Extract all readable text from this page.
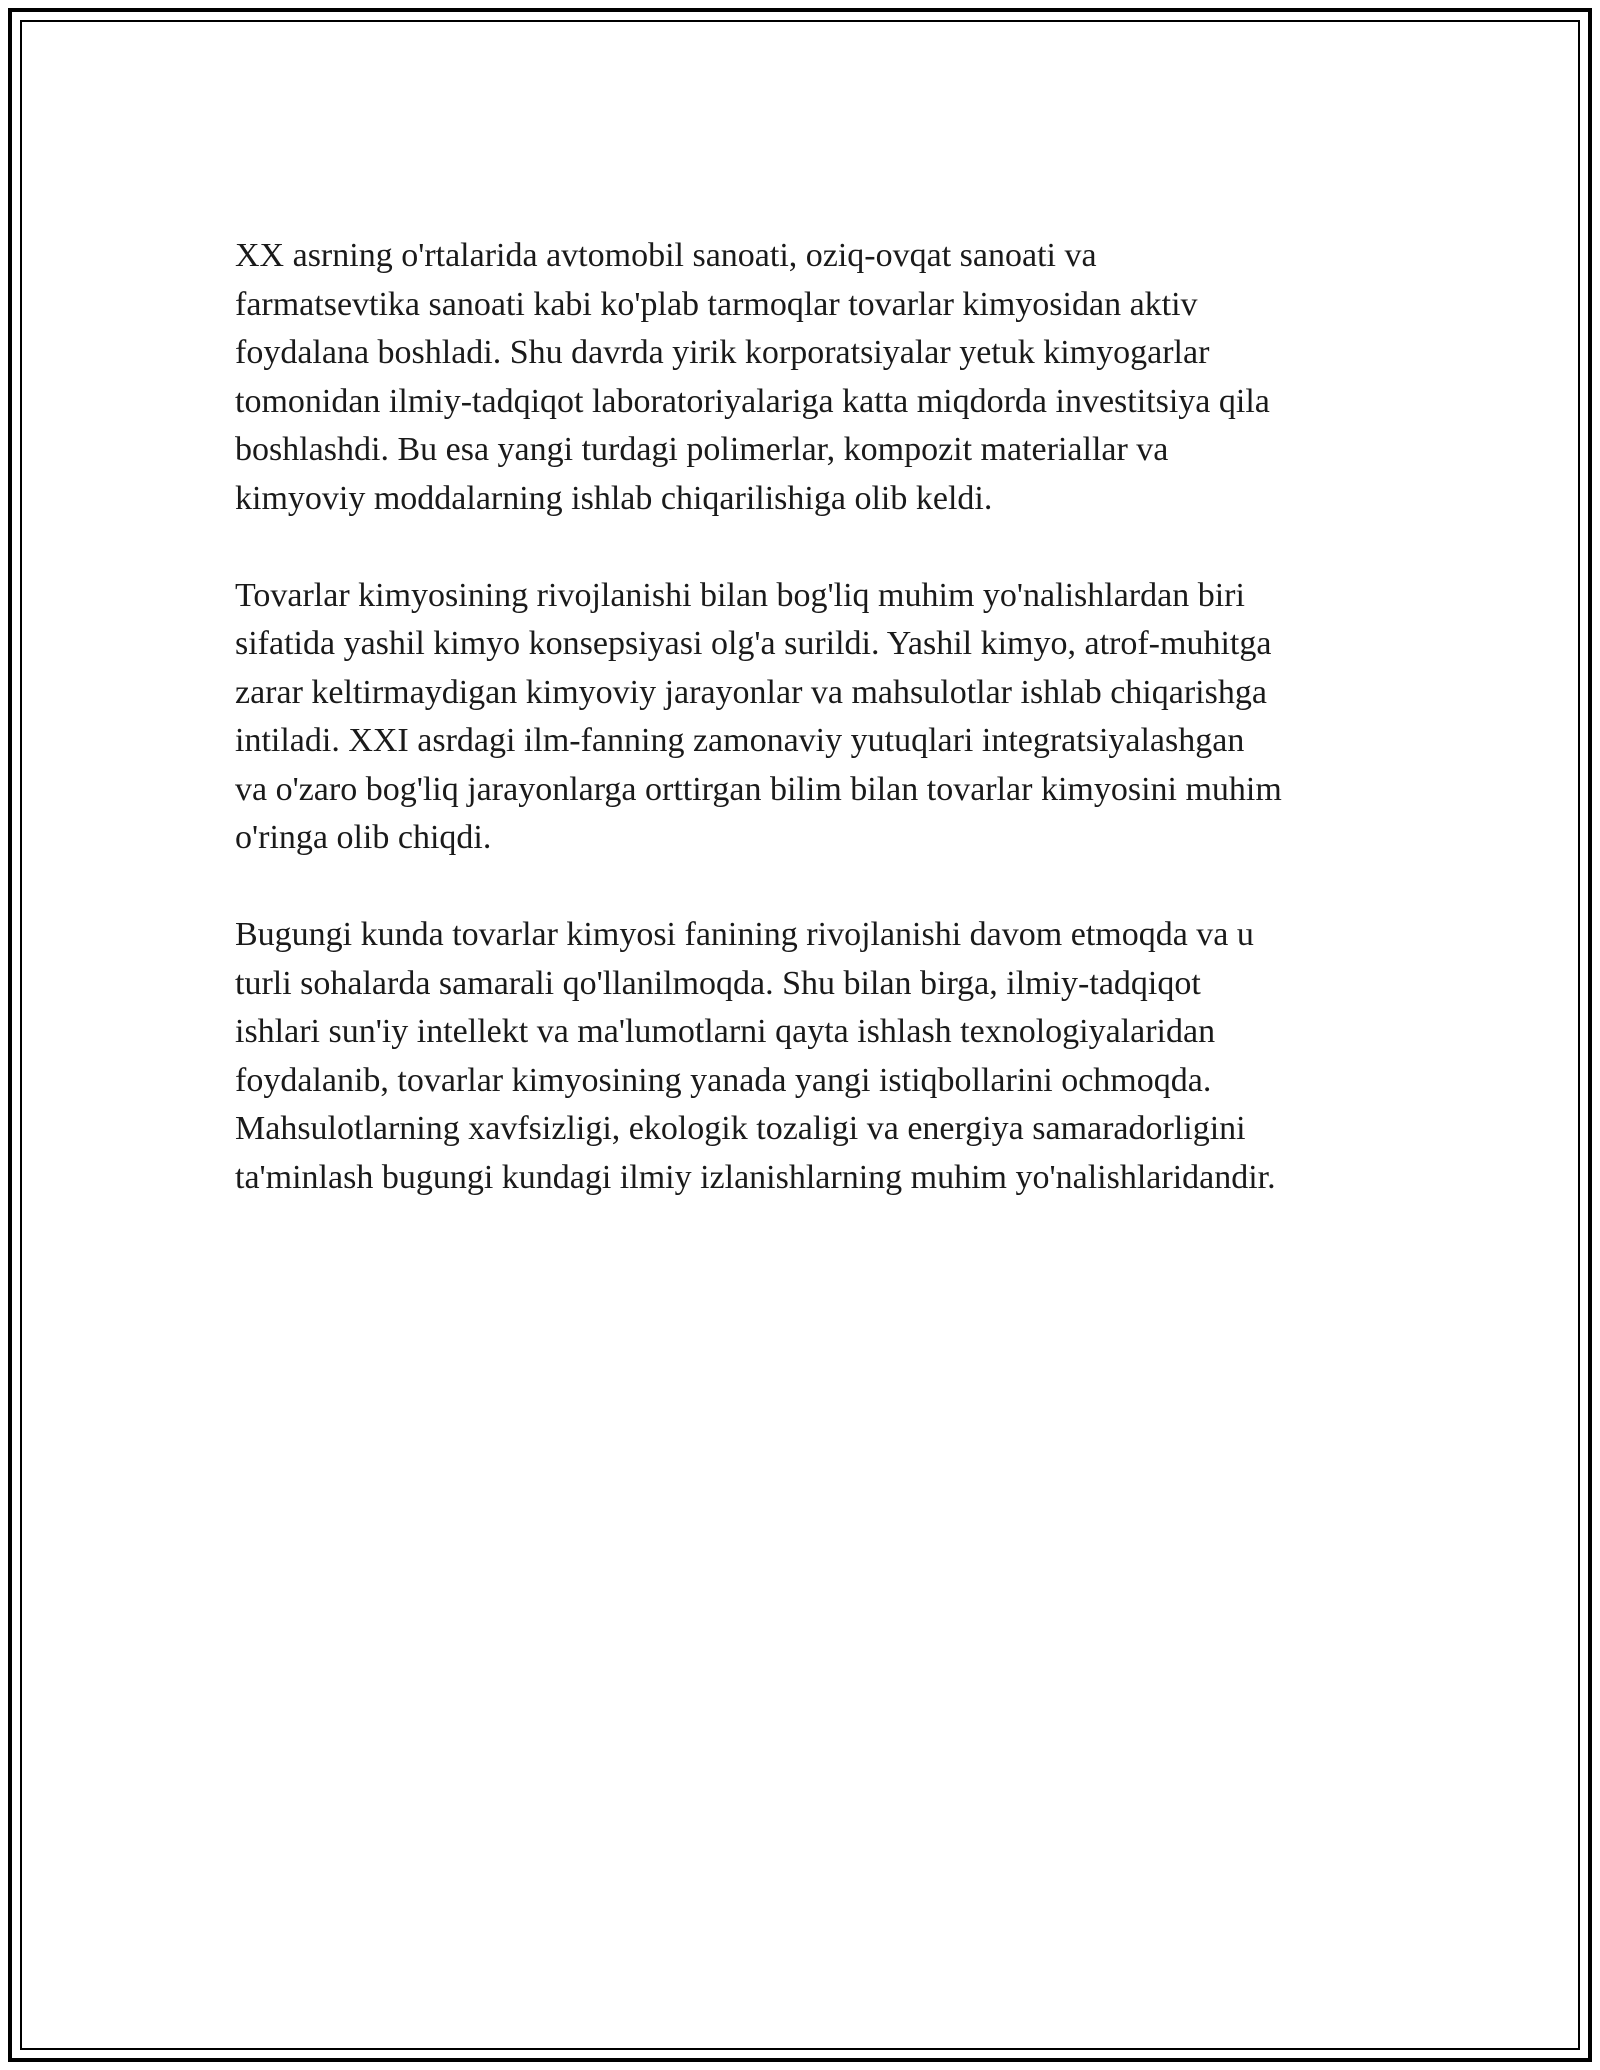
XX asrning o'rtalarida avtomobil sanoati, oziq-ovqat sanoati va
farmatsevtika sanoati kabi ko'plab tarmoqlar tovarlar kimyosidan aktiv
foydalana boshladi. Shu davrda yirik korporatsiyalar yetuk kimyogarlar
tomonidan ilmiy-tadqiqot laboratoriyalariga katta miqdorda investitsiya qila
boshlashdi. Bu esa yangi turdagi polimerlar, kompozit materiallar va
kimyoviy moddalarning ishlab chiqarilishiga olib keldi.

Tovarlar kimyosining rivojlanishi bilan bog'liq muhim yo'nalishlardan biri
sifatida yashil kimyo konsepsiyasi olg'a surildi. Yashil kimyo, atrof-muhitga
zarar keltirmaydigan kimyoviy jarayonlar va mahsulotlar ishlab chiqarishga
intiladi. XXI asrdagi ilm-fanning zamonaviy yutuqlari integratsiyalashgan
va o'zaro bog'liq jarayonlarga orttirgan bilim bilan tovarlar kimyosini muhim
o'ringa olib chiqdi.

Bugungi kunda tovarlar kimyosi fanining rivojlanishi davom etmoqda va u
turli sohalarda samarali qo'llanilmoqda. Shu bilan birga, ilmiy-tadqiqot
ishlari sun'iy intellekt va ma'lumotlarni qayta ishlash texnologiyalaridan
foydalanib, tovarlar kimyosining yanada yangi istiqbollarini ochmoqda.
Mahsulotlarning xavfsizligi, ekologik tozaligi va energiya samaradorligini
ta'minlash bugungi kundagi ilmiy izlanishlarning muhim yo'nalishlaridandir.
